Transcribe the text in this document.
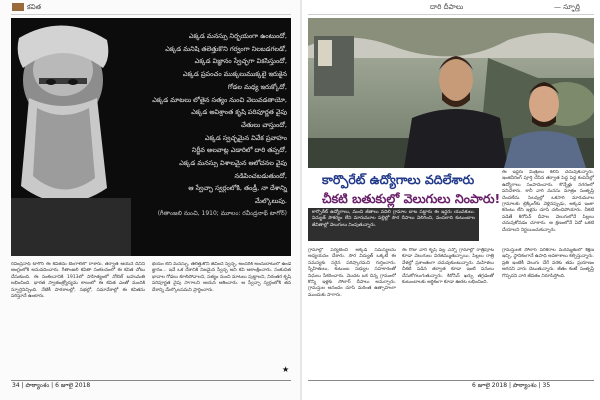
కవిత
ఎక్కడ మనస్సు నిర్భయంగా ఉంటుందో,
ఎక్కడ మనిషి తలెత్తుకొని గర్వంగా నిలబడగలడో,
ఎక్కడ విజ్ఞానం స్వేచ్ఛగా వికసిస్తుందో,
ఎక్కడ ప్రపంచం ముక్కలుముక్కలై ఇరుకైన
గోడల మధ్య ఇరుక్కోదో,
ఎక్కడ మాటలు లోతైన సత్యం నుంచి వెలువడతాయో,
ఎక్కడ అవిశ్రాంత కృషి పరిపూర్ణత వైపు
చేతులు చాస్తుందో,
ఎక్కడ స్వచ్ఛమైన వివేక ప్రవాహం
నిర్జీవ అలవాట్ల ఎడారిలో దారి తప్పదో,
ఎక్కడ మనస్సు విశాలమైన ఆలోచనల వైపు
నడిపించబడుతుందో,
ఆ స్వేచ్ఛా స్వర్గంలోకి, తండ్రీ, నా దేశాన్ని
మేల్కొలుపు.
(గీతాంజలి నుంచి, 1910; మూలం: రవీంద్రనాథ్ టాగోర్)

రవీంద్రనాథ్ టాగోర్ ఈ కవితను బెంగాలీలో రాశారు. తర్వాత ఆయనే దీనిని ఆంగ్లంలోకి అనువదించారు. గీతాంజలి కవితా సంకలనంలో ఈ కవిత చోటు చేసుకుంది. ఈ సంకలనానికి 1913లో సాహిత్యంలో నోబెల్ బహుమతి లభించింది. భారత స్వాతంత్ర్యోద్యమ కాలంలో ఈ కవిత ఎంతో మందికి స్ఫూర్తినిచ్చింది. నేటికీ పాఠశాలల్లో, సభల్లో, సమావేశాల్లో ఈ కవితను పఠిస్తూనే ఉంటారు.

భయం లేని మనస్సు, తలెత్తుకొని జీవించే స్వేచ్ఛ, అందరికీ అందుబాటులో ఉండే జ్ఞానం... ఇవే ఒక దేశానికి నిజమైన స్వేచ్ఛ అని కవి ఆకాంక్షించారు. సంకుచిత భావాల గోడలు కూలిపోవాలని, సత్యం నుంచి మాటలు పుట్టాలని, నిరంతర కృషి పరిపూర్ణత వైపు సాగాలని ఆయన ఆశించారు. ఆ స్వేచ్ఛా స్వర్గంలోకి తన దేశాన్ని మేల్కొలపమని ప్రార్థించారు.

★
34 | పాఠ్యాంశం | 6 జూలై 2018
దారి దీపాలు	— స్ఫూర్తి
కార్పొరేట్ ఉద్యోగాలు వదిలేశారు
చీకటి బతుకుల్లో వెలుగులు నింపారు!

ఈ ఇద్దరు మిత్రులు కలిసి చదువుకున్నారు. ఇంజినీరింగ్ పూర్తి చేసిన తర్వాత పెద్ద పెద్ద కంపెనీల్లో ఉద్యోగాలు సంపాదించారు. కొన్నేళ్లు నగరంలో పనిచేశారు. కానీ వారి మనసు మాత్రం సంతృప్తి చెందలేదు. సెలవుల్లో ఒకసారి మారుమూల గ్రామాలకు ట్రెక్కింగ్‌కు వెళ్లినప్పుడు, అక్కడ ఇంకా కరెంటు లేని ఇళ్లను చూసి చలించిపోయారు. చీకటి పడితే కిరోసిన్ దీపాల వెలుగులోనే పిల్లలు చదువుకోవడం చూశారు. ఆ క్షణంలోనే ఏదో ఒకటి చేయాలని నిర్ణయించుకున్నారు.

కార్పొరేట్ ఉద్యోగాలు, మంచి జీతాలు వదిలి గ్రామాల బాట పట్టారు ఈ ఇద్దరు యువకులు. విద్యుత్ సౌకర్యం లేని మారుమూల పల్లెల్లో సౌర దీపాలు వెలిగించి, వందలాది కుటుంబాల జీవితాల్లో వెలుగులు నింపుతున్నారు.

గ్రామాల్లో పర్యటించి అక్కడి సమస్యలను అధ్యయనం చేశారు. సౌర విద్యుత్ ఒక్కటే ఈ సమస్యకు సరైన పరిష్కారమని గుర్తించారు. స్నేహితులు, కుటుంబ సభ్యుల సహకారంతో నిధులు సేకరించారు. మొదట ఒక చిన్న గ్రామంలో కొన్ని ఇళ్లకు సోలార్ దీపాలు అమర్చారు. గ్రామస్తుల ఆనందం చూసి మరింత ఉత్సాహంగా ముందుకు సాగారు.

ఈ రోజు వారి కృషి వల్ల ఎన్నో గ్రామాల్లో రాత్రిపూట కూడా వెలుగులు విరజిమ్ముతున్నాయి. పిల్లలు రాత్రి వేళల్లో ప్రశాంతంగా చదువుకుంటున్నారు. మహిళలు చీకటి పడిన తర్వాత కూడా ఇంటి పనులు చేసుకోగలుగుతున్నారు. కిరోసిన్ ఖర్చు తగ్గడంతో కుటుంబాలకు ఆర్థికంగా కూడా ఊరట లభించింది.

గ్రామస్తులకే సోలార్ పరికరాల మరమ్మతులో శిక్షణ ఇచ్చి, స్థానికంగానే ఉపాధి అవకాశాలు కల్పిస్తున్నారు. ప్రతి ఇంటికీ వెలుగు చేరే వరకు తమ ప్రయాణం ఆగదని వారు చెబుతున్నారు. జీతం కంటే సంతృప్తే గొప్పదని వారి జీవితం నిరూపిస్తోంది.

6 జూలై 2018 | పాఠ్యాంశం | 35
